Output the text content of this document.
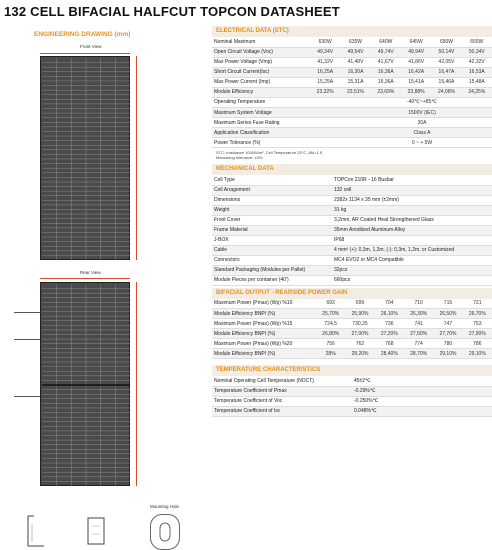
132 CELL BIFACIAL HALFCUT TOPCON DATASHEET
ENGINEERING DRAWING (mm)
Front View
Rear View
Mounting Hole
ELECTRICAL DATA (STC)
Nominal Maximum	630W	635W	640W	645W	650W	655W
Open Circuit Voltage (Voc)	49,34V	49,54V	49,74V	49,94V	50,14V	50,34V
Max Power Voltage (Vmp)	41,32V	41,48V	41,67V	41,86V	42,05V	42,32V
Short Circuit Current(Isc)	16,25A	16,30A	16,36A	16,42A	16,47A	16,53A
Max Power Current (Imp)	15,25A	15,31A	15,36A	15,41A	15,46A	15,48A
Module Efficiency	23,32%	23,51%	23,69%	23,88%	24,06%	24,25%
Operating Temperature	-40℃~+85℃
Maximum System Voltage	1500V (IEC)
Maximum Series Fuse Rating	30A
Application Classification	Class A
Power Tolerance (%)	0 ~ + 5W
STC: Irradiance 1000W/m², Cell Temperature 25°C, AM=1.5
Measuring tolerance: ±3%
MECHANICAL DATA
Cell Type	TOPCon 210R - 16 Busbar
Cell Arragement	132 cell
Dimensions	2382x 1134 x 35 mm (±2mm)
Weight	31 kg
Front Cover	3,2mm, AR Coated Heat Strengthened Glass
Frame Material	35mm Anodized Aluminum Alloy
J-BOX	IP68
Cable	4 mm² (+): 0,3m, 1,2m. (-): 0,3m, 1,2m. or Customized
Connectors	MC4 EVO2 or MC4 Compatible
Standard Packaging (Modules per Pallet)	32pcs
Module Pieces per container (40')	660pcs
BIFACIAL OUTPUT - REARSIDE POWER GAIN
Maximum Power (Pmax) (Wp) %10	693	699	704	710	715	721
Module Efficiency BNPI (%)	25,70%	25,90%	26,10%	26,30%	26,50%	26,70%
Maximum Power (Pmax) (Wp) %15	724,5	730,25	736	741	747	753
Module Efficiency BNPI (%)	26,80%	27,00%	27,20%	27,50%	27,70%	27,90%
Maximum Power (Pmax) (Wp) %20	756	762	768	774	780	786
Module Efficiency BNPI (%)	28%	28,20%	28,40%	28,70%	29,10%	29,10%
TEMPERATURE CHARACTERISTICS
Nominal Operating Cell Temperature (NOCT)	45±2℃
Temperature Coefficient of Pmax	-0.29%℃
Temperature Coefficient of Voc	-0.250%℃
Temperature Coefficient of Isc	0.048%℃
